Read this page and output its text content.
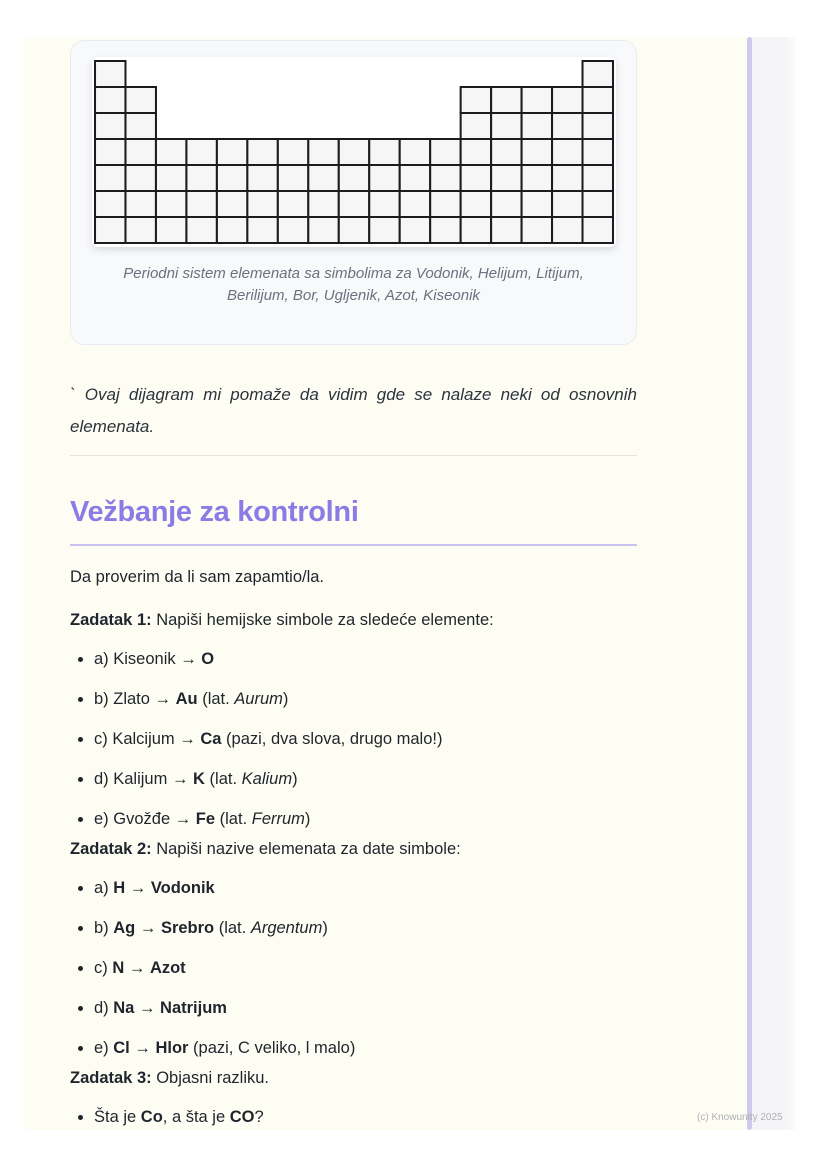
Periodni sistem elemenata sa simbolima za Vodonik, Helijum, Litijum, Berilijum, Bor, Ugljenik, Azot, Kiseonik

` Ovaj dijagram mi pomaže da vidim gde se nalaze neki od osnovnih elemenata.

Vežbanje za kontrolni

Da proverim da li sam zapamtio/la.

Zadatak 1: Napiši hemijske simbole za sledeće elemente:

• a) Kiseonik → O
• b) Zlato → Au (lat. Aurum)
• c) Kalcijum → Ca (pazi, dva slova, drugo malo!)
• d) Kalijum → K (lat. Kalium)
• e) Gvožđe → Fe (lat. Ferrum)

Zadatak 2: Napiši nazive elemenata za date simbole:

• a) H → Vodonik
• b) Ag → Srebro (lat. Argentum)
• c) N → Azot
• d) Na → Natrijum
• e) Cl → Hlor (pazi, C veliko, l malo)

Zadatak 3: Objasni razliku.

• Šta je Co, a šta je CO?	(c) Knowunity 2025
